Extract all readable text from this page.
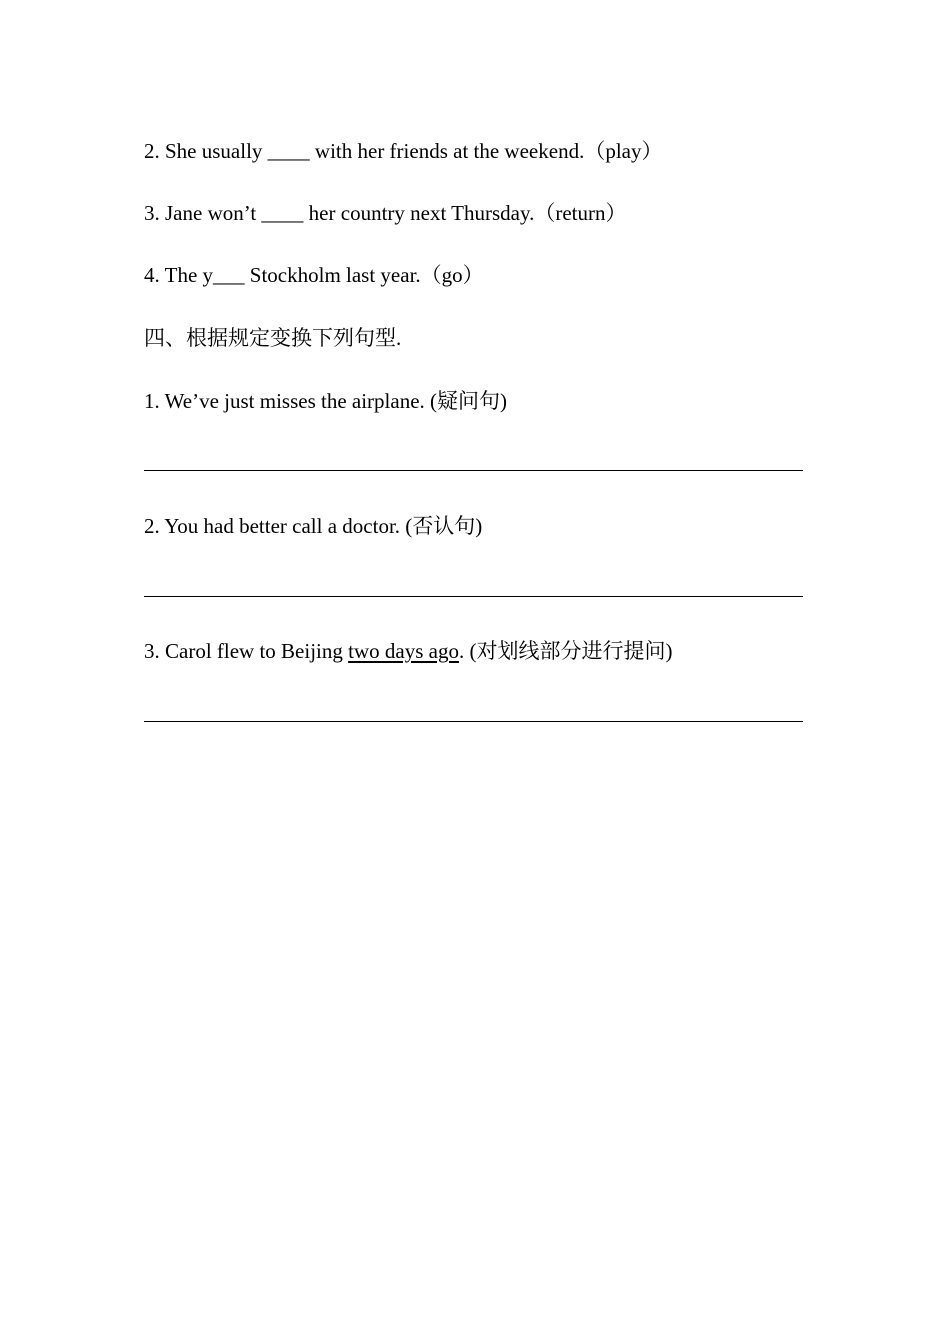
2. She usually ____ with her friends at the weekend.（play）
3. Jane won’t ____ her country next Thursday.（return）
4. The y___ Stockholm last year.（go）
四、根据规定变换下列句型.
1. We’ve just misses the airplane. (疑问句)
2. You had better call a doctor. (否认句)
3. Carol flew to Beijing two days ago. (对划线部分进行提问)
